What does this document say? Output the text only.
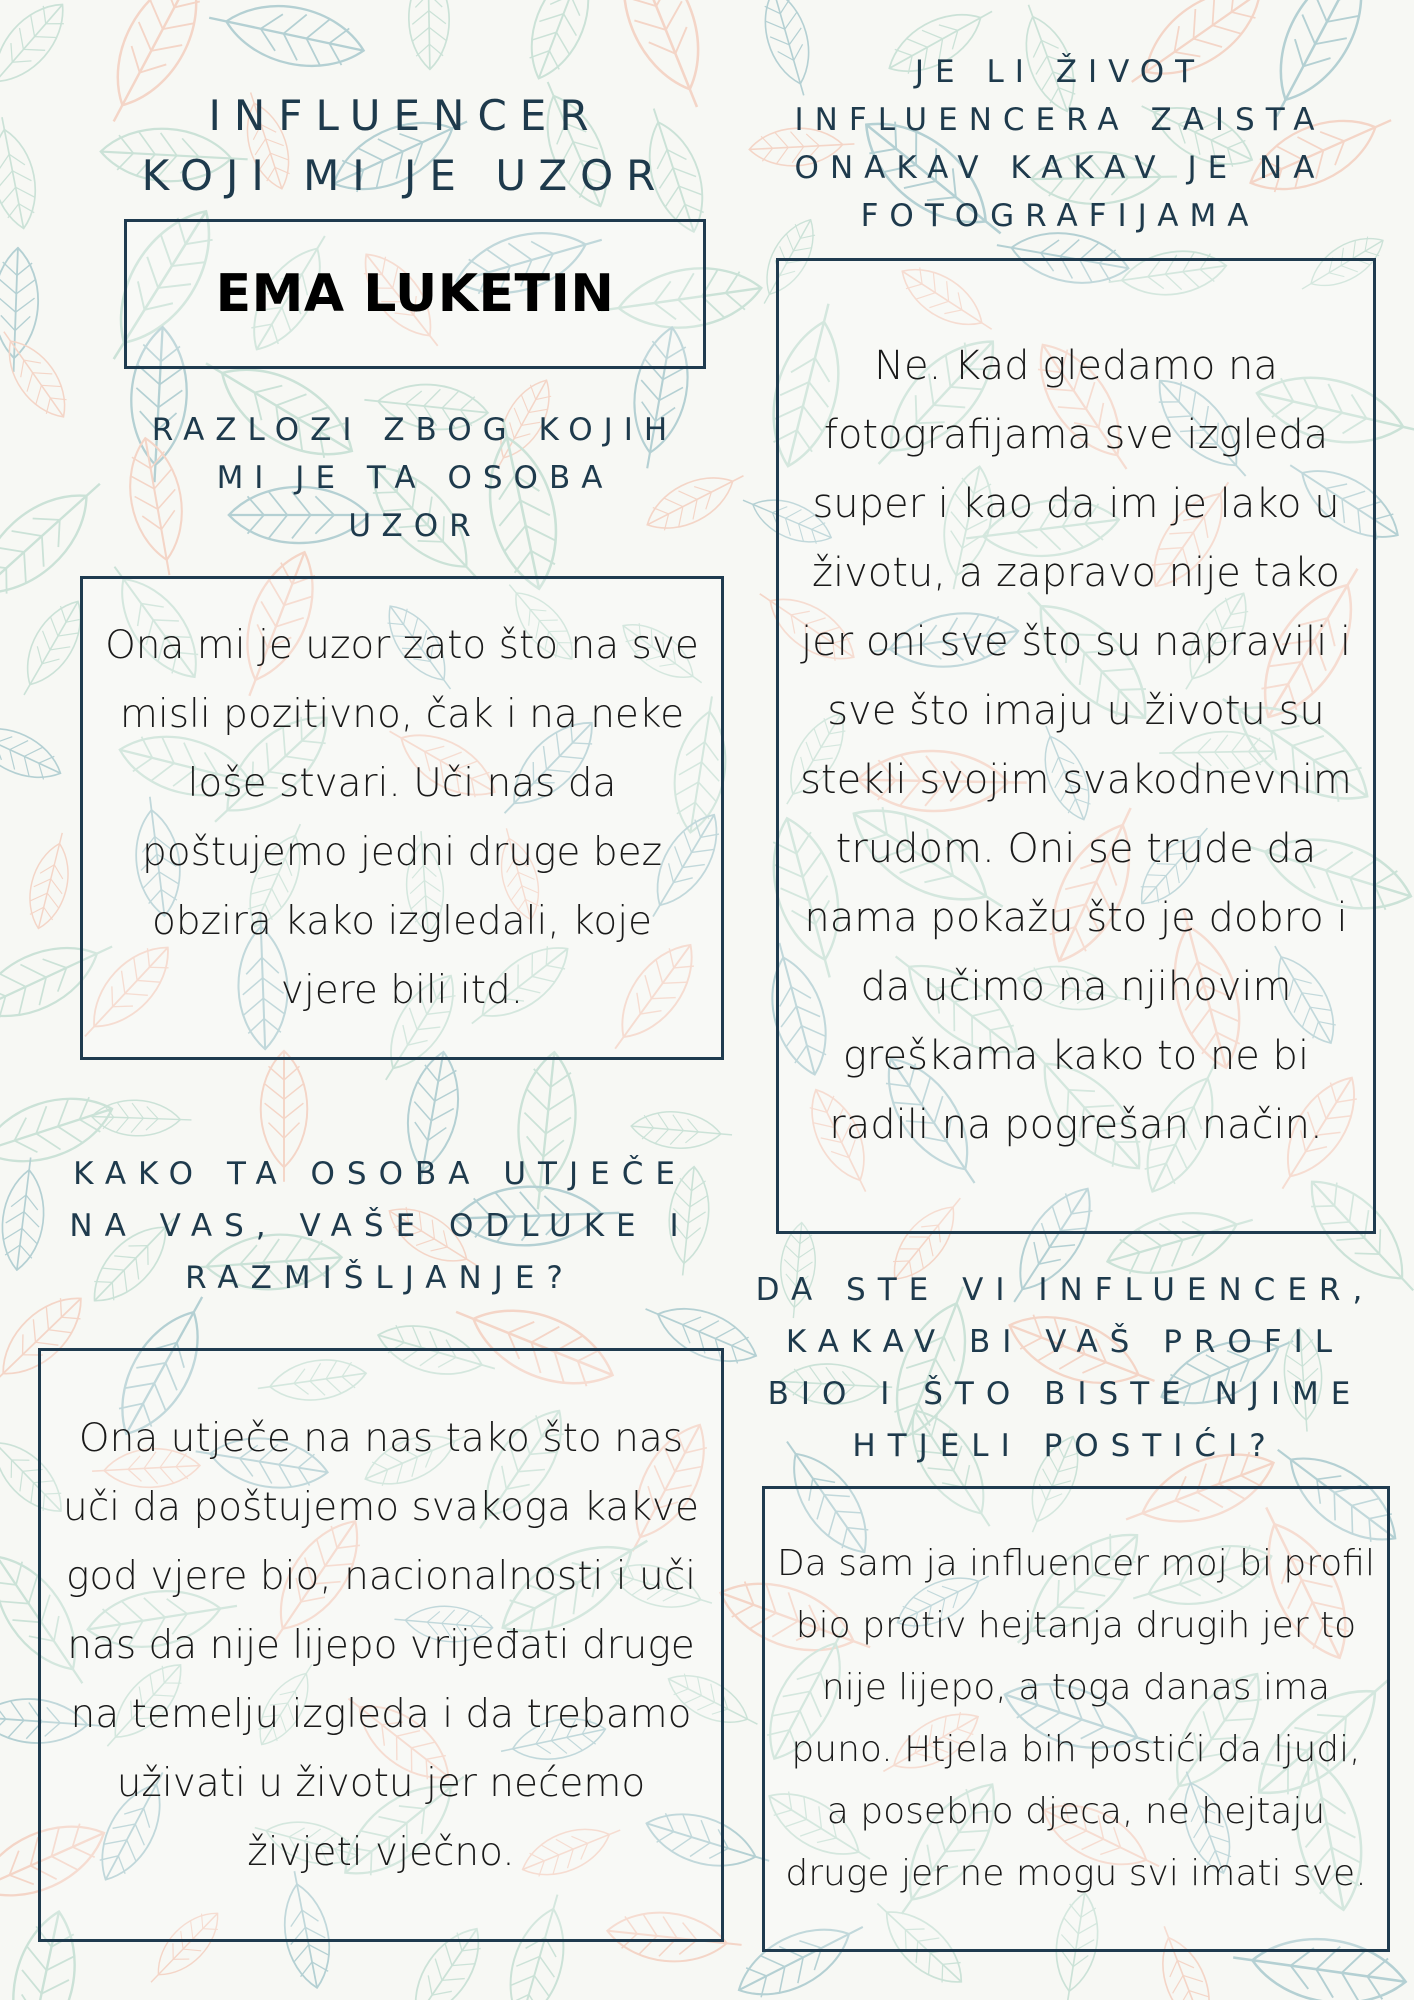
INFLUENCER
KOJI MI JE UZOR
JE LI ŽIVOT
INFLUENCERA ZAISTA
ONAKAV KAKAV JE NA
FOTOGRAFIJAMA
EMA LUKETIN
RAZLOZI ZBOG KOJIH
MI JE TA OSOBA
UZOR

Ona mi je uzor zato što na sve misli pozitivno, čak i na neke loše stvari. Uči nas da poštujemo jedni druge bez obzira kako izgledali, koje vjere bili itd.

Ne. Kad gledamo na fotografijama sve izgleda super i kao da im je lako u životu, a zapravo nije tako jer oni sve što su napravili i sve što imaju u životu su stekli svojim svakodnevnim trudom. Oni se trude da nama pokažu što je dobro i da učimo na njihovim greškama kako to ne bi radili na pogrešan način.

KAKO TA OSOBA UTJEČE
NA VAS, VAŠE ODLUKE I
RAZMIŠLJANJE?

Ona utječe na nas tako što nas uči da poštujemo svakoga kakve god vjere bio, nacionalnosti i uči nas da nije lijepo vrijeđati druge na temelju izgleda i da trebamo uživati u životu jer nećemo živjeti vječno.

DA STE VI INFLUENCER,
KAKAV BI VAŠ PROFIL
BIO I ŠTO BISTE NJIME
HTJELI POSTIĆI?

Da sam ja influencer moj bi profil bio protiv hejtanja drugih jer to nije lijepo, a toga danas ima puno. Htjela bih postići da ljudi, a posebno djeca, ne hejtaju druge jer ne mogu svi imati sve.
